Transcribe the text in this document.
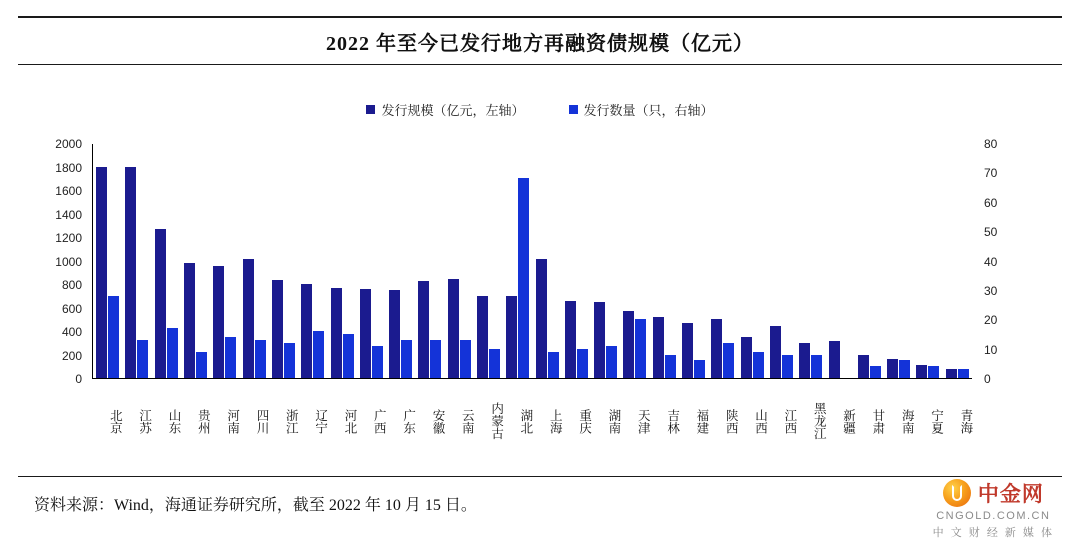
2022 年至今已发行地方再融资债规模（亿元）
发行规模（亿元，左轴）	发行数量（只，右轴）
0
200
400
600
800
1000
1200
1400
1600
1800
2000
0
10
20
30
40
50
60
70
80
北京	江苏	山东	贵州	河南	四川	浙江	辽宁	河北	广西	广东	安徽	云南	内蒙古	湖北	上海	重庆	湖南	天津	吉林	福建	陕西	山西	江西	黑龙江	新疆	甘肃	海南	宁夏	青海
资料来源：Wind，海通证券研究所，截至 2022 年 10 月 15 日。	中金网
CNGOLD.COM.CN
中 文 财 经 新 媒 体
